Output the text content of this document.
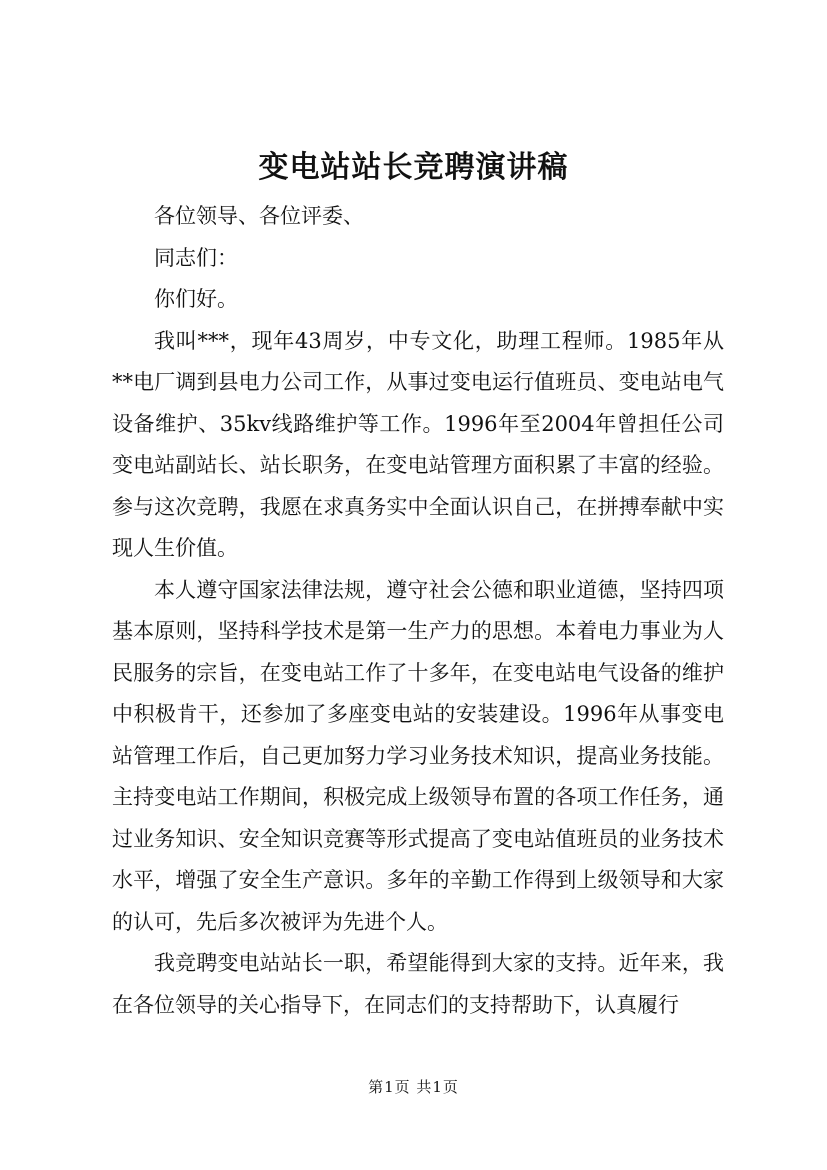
变电站站长竞聘演讲稿

各位领导、各位评委、

同志们：

你们好。

我叫***，现年43周岁，中专文化，助理工程师。1985年从**电厂调到县电力公司工作，从事过变电运行值班员、变电站电气设备维护、35kv线路维护等工作。1996年至2004年曾担任公司变电站副站长、站长职务，在变电站管理方面积累了丰富的经验。参与这次竞聘，我愿在求真务实中全面认识自己，在拼搏奉献中实现人生价值。

本人遵守国家法律法规，遵守社会公德和职业道德，坚持四项基本原则，坚持科学技术是第一生产力的思想。本着电力事业为人民服务的宗旨，在变电站工作了十多年，在变电站电气设备的维护中积极肯干，还参加了多座变电站的安装建设。1996年从事变电站管理工作后，自己更加努力学习业务技术知识，提高业务技能。主持变电站工作期间，积极完成上级领导布置的各项工作任务，通过业务知识、安全知识竞赛等形式提高了变电站值班员的业务技术水平，增强了安全生产意识。多年的辛勤工作得到上级领导和大家的认可，先后多次被评为先进个人。

我竞聘变电站站长一职，希望能得到大家的支持。近年来，我在各位领导的关心指导下，在同志们的支持帮助下，认真履行

第1页 共1页
